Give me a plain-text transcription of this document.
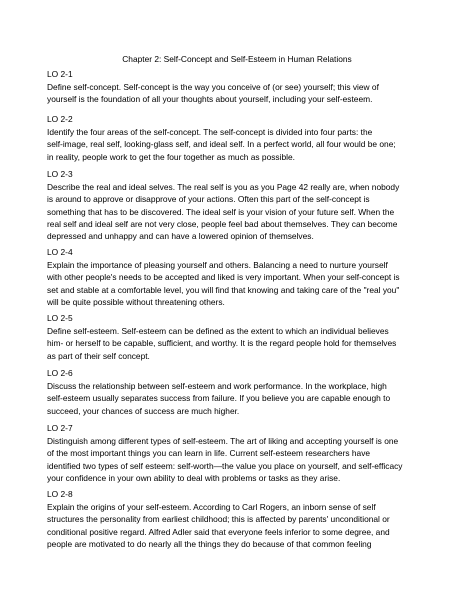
Chapter 2: Self-Concept and Self-Esteem in Human Relations
LO 2-1
Define self-concept. Self-concept is the way you conceive of (or see) yourself; this view of
yourself is the foundation of all your thoughts about yourself, including your self-esteem.
LO 2-2
Identify the four areas of the self-concept. The self-concept is divided into four parts: the
self-image, real self, looking-glass self, and ideal self. In a perfect world, all four would be one;
in reality, people work to get the four together as much as possible.
LO 2-3
Describe the real and ideal selves. The real self is you as you Page 42 really are, when nobody
is around to approve or disapprove of your actions. Often this part of the self-concept is
something that has to be discovered. The ideal self is your vision of your future self. When the
real self and ideal self are not very close, people feel bad about themselves. They can become
depressed and unhappy and can have a lowered opinion of themselves.
LO 2-4
Explain the importance of pleasing yourself and others. Balancing a need to nurture yourself
with other people's needs to be accepted and liked is very important. When your self-concept is
set and stable at a comfortable level, you will find that knowing and taking care of the "real you"
will be quite possible without threatening others.
LO 2-5
Define self-esteem. Self-esteem can be defined as the extent to which an individual believes
him- or herself to be capable, sufficient, and worthy. It is the regard people hold for themselves
as part of their self concept.
LO 2-6
Discuss the relationship between self-esteem and work performance. In the workplace, high
self-esteem usually separates success from failure. If you believe you are capable enough to
succeed, your chances of success are much higher.
LO 2-7
Distinguish among different types of self-esteem. The art of liking and accepting yourself is one
of the most important things you can learn in life. Current self-esteem researchers have
identified two types of self esteem: self-worth—the value you place on yourself, and self-efficacy
your confidence in your own ability to deal with problems or tasks as they arise.
LO 2-8
Explain the origins of your self-esteem. According to Carl Rogers, an inborn sense of self
structures the personality from earliest childhood; this is affected by parents' unconditional or
conditional positive regard. Alfred Adler said that everyone feels inferior to some degree, and
people are motivated to do nearly all the things they do because of that common feeling
